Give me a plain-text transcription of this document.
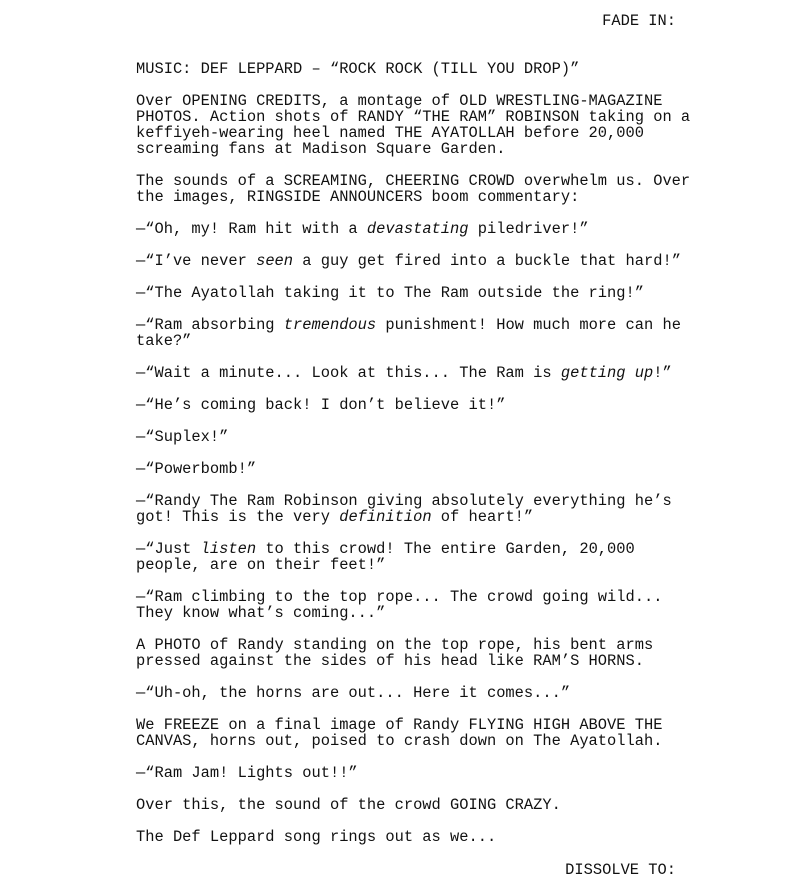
FADE IN:

MUSIC: DEF LEPPARD – “ROCK ROCK (TILL YOU DROP)”

Over OPENING CREDITS, a montage of OLD WRESTLING-MAGAZINE PHOTOS. Action shots of RANDY “THE RAM” ROBINSON taking on a keffiyeh-wearing heel named THE AYATOLLAH before 20,000 screaming fans at Madison Square Garden.

The sounds of a SCREAMING, CHEERING CROWD overwhelm us. Over the images, RINGSIDE ANNOUNCERS boom commentary:

—“Oh, my! Ram hit with a devastating piledriver!”

—“I’ve never seen a guy get fired into a buckle that hard!”

—“The Ayatollah taking it to The Ram outside the ring!”

—“Ram absorbing tremendous punishment! How much more can he take?”

—“Wait a minute... Look at this... The Ram is getting up!”

—“He’s coming back! I don’t believe it!”

—“Suplex!”

—“Powerbomb!”

—“Randy The Ram Robinson giving absolutely everything he’s got! This is the very definition of heart!”

—“Just listen to this crowd! The entire Garden, 20,000 people, are on their feet!”

—“Ram climbing to the top rope... The crowd going wild... They know what’s coming...”

A PHOTO of Randy standing on the top rope, his bent arms pressed against the sides of his head like RAM’S HORNS.

—“Uh-oh, the horns are out... Here it comes...”

We FREEZE on a final image of Randy FLYING HIGH ABOVE THE CANVAS, horns out, poised to crash down on The Ayatollah.

—“Ram Jam! Lights out!!”

Over this, the sound of the crowd GOING CRAZY.

The Def Leppard song rings out as we...

DISSOLVE TO:
